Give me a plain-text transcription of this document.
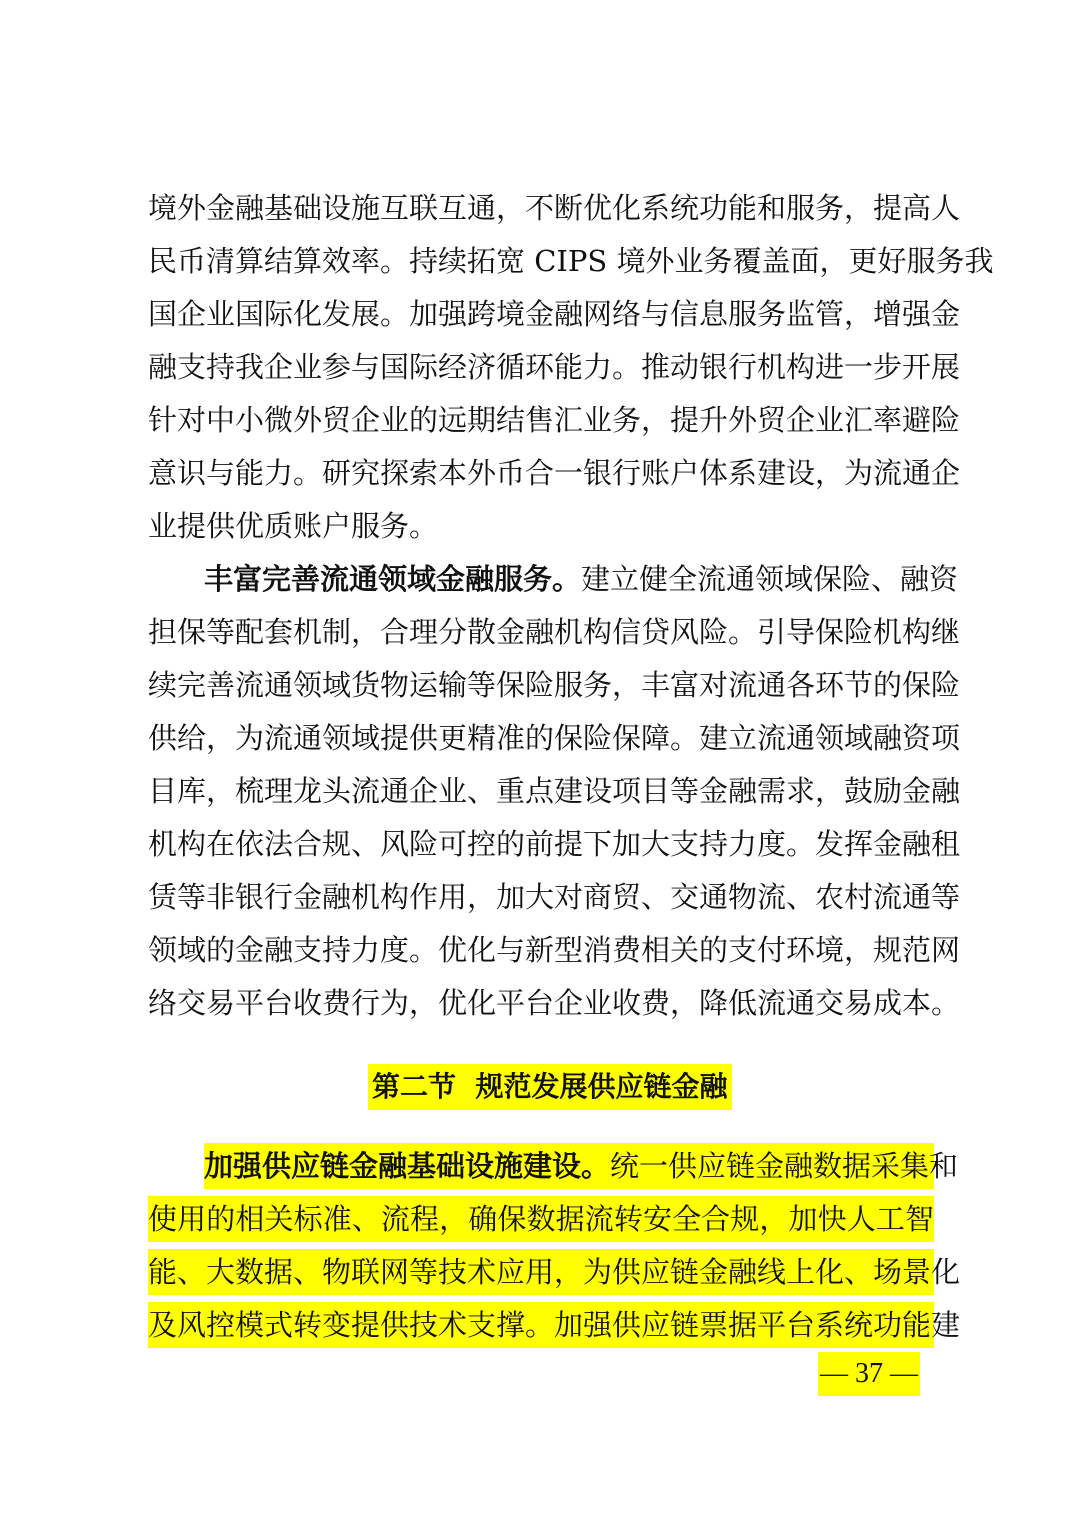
境外金融基础设施互联互通，不断优化系统功能和服务，提高人
民币清算结算效率。持续拓宽 CIPS 境外业务覆盖面，更好服务我
国企业国际化发展。加强跨境金融网络与信息服务监管，增强金
融支持我企业参与国际经济循环能力。推动银行机构进一步开展
针对中小微外贸企业的远期结售汇业务，提升外贸企业汇率避险
意识与能力。研究探索本外币合一银行账户体系建设，为流通企
业提供优质账户服务。
丰富完善流通领域金融服务。建立健全流通领域保险、融资
担保等配套机制，合理分散金融机构信贷风险。引导保险机构继
续完善流通领域货物运输等保险服务，丰富对流通各环节的保险
供给，为流通领域提供更精准的保险保障。建立流通领域融资项
目库，梳理龙头流通企业、重点建设项目等金融需求，鼓励金融
机构在依法合规、风险可控的前提下加大支持力度。发挥金融租
赁等非银行金融机构作用，加大对商贸、交通物流、农村流通等
领域的金融支持力度。优化与新型消费相关的支付环境，规范网
络交易平台收费行为，优化平台企业收费，降低流通交易成本。
第二节  规范发展供应链金融
加强供应链金融基础设施建设。统一供应链金融数据采集和
使用的相关标准、流程，确保数据流转安全合规，加快人工智
能、大数据、物联网等技术应用，为供应链金融线上化、场景化
及风控模式转变提供技术支撑。加强供应链票据平台系统功能建
— 37 —
